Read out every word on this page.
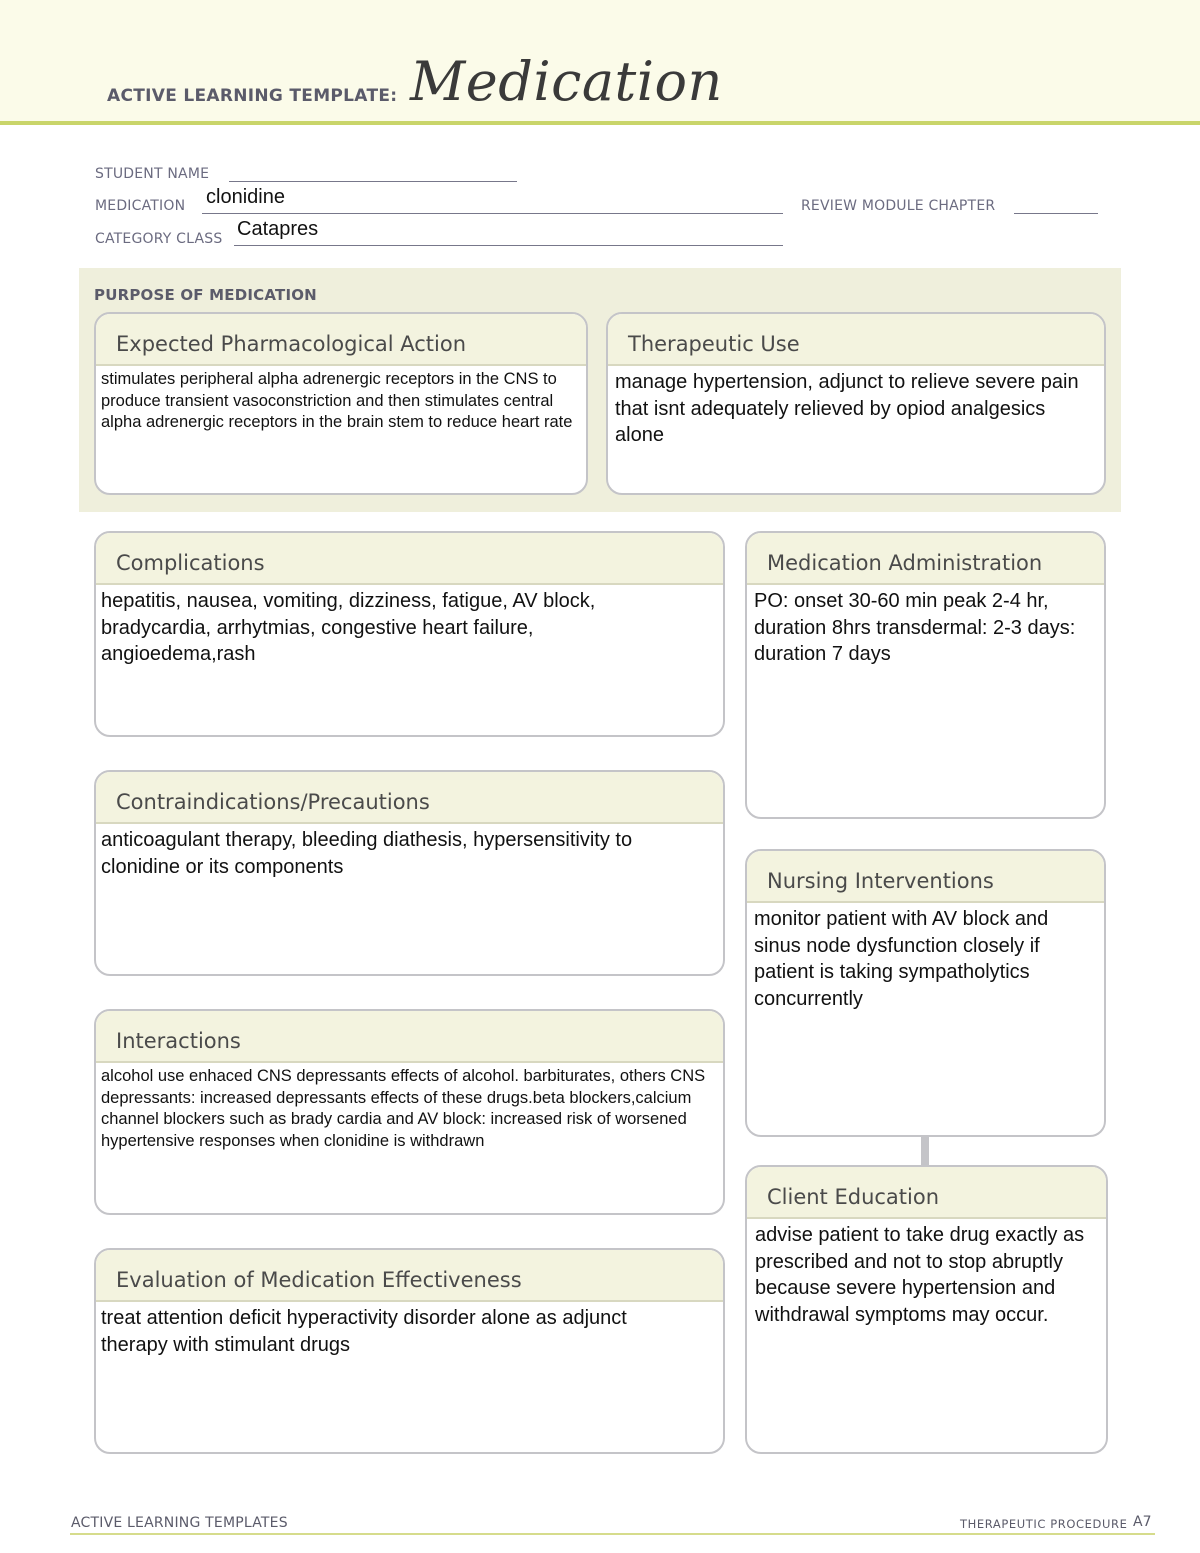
ACTIVE LEARNING TEMPLATE: Medication
STUDENT NAME
MEDICATION clonidine	REVIEW MODULE CHAPTER
CATEGORY CLASS Catapres
PURPOSE OF MEDICATION
Expected Pharmacological Action
stimulates peripheral alpha adrenergic receptors in the CNS to produce transient vasoconstriction and then stimulates central alpha adrenergic receptors in the brain stem to reduce heart rate
Therapeutic Use
manage hypertension, adjunct to relieve severe pain that isnt adequately relieved by opiod analgesics alone
Complications
hepatitis, nausea, vomiting, dizziness, fatigue, AV block, bradycardia, arrhytmias, congestive heart failure, angioedema,rash
Contraindications/Precautions
anticoagulant therapy, bleeding diathesis, hypersensitivity to clonidine or its components
Interactions
alcohol use enhaced CNS depressants effects of alcohol. barbiturates, others CNS depressants: increased depressants effects of these drugs.beta blockers,calcium channel blockers such as brady cardia and AV block: increased risk of worsened hypertensive responses when clonidine is withdrawn
Evaluation of Medication Effectiveness
treat attention deficit hyperactivity disorder alone as adjunct therapy with stimulant drugs
Medication Administration
PO: onset 30-60 min peak 2-4 hr, duration 8hrs transdermal: 2-3 days: duration 7 days
Nursing Interventions
monitor patient with AV block and sinus node dysfunction closely if patient is taking sympatholytics concurrently
Client Education
advise patient to take drug exactly as prescribed and not to stop abruptly because severe hypertension and withdrawal symptoms may occur.
ACTIVE LEARNING TEMPLATES	THERAPEUTIC PROCEDURE A7
